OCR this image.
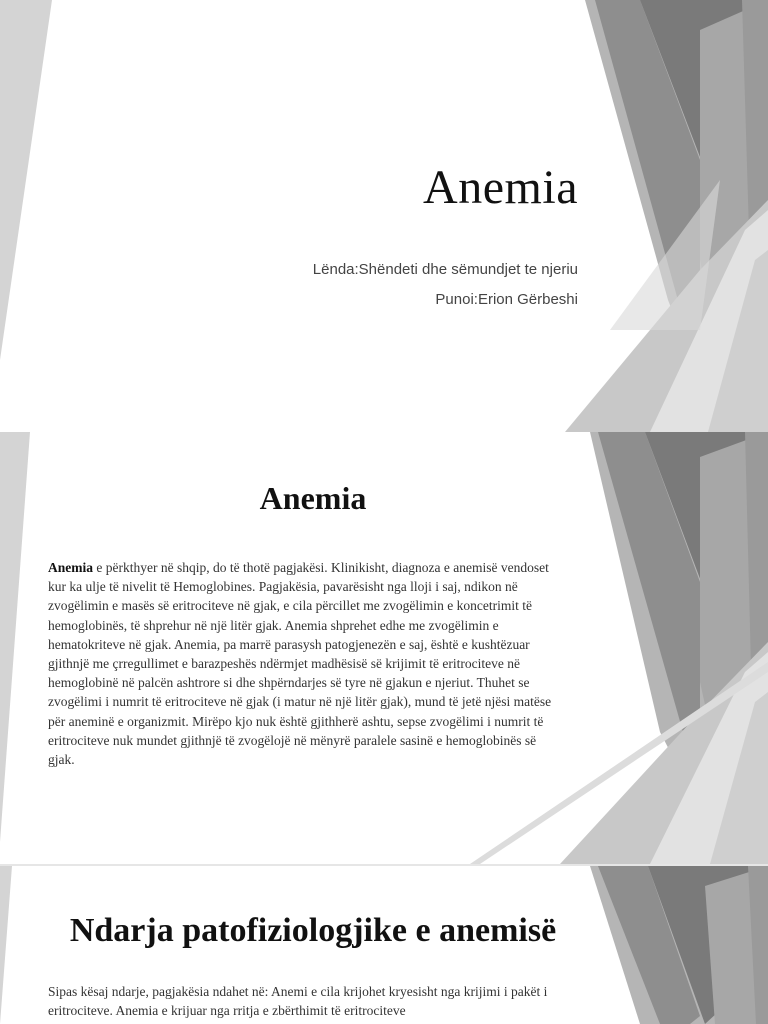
Anemia

Lënda:Shëndeti dhe sëmundjet te njeriu

Punoi:Erion Gërbeshi

Anemia

Anemia e përkthyer në shqip, do të thotë pagjakësi. Klinikisht, diagnoza e anemisë vendoset kur ka ulje të nivelit të Hemoglobines. Pagjakësia, pavarësisht nga lloji i saj, ndikon në zvogëlimin e masës së eritrociteve në gjak, e cila përcillet me zvogëlimin e koncetrimit të hemoglobinës, të shprehur në një litër gjak. Anemia shprehet edhe me zvogëlimin e hematokriteve në gjak. Anemia, pa marrë parasysh patogjenezën e saj, është e kushtëzuar gjithnjë me çrregullimet e barazpeshës ndërmjet madhësisë së krijimit të eritrociteve në hemoglobinë në palcën ashtrore si dhe shpërndarjes së tyre në gjakun e njeriut. Thuhet se zvogëlimi i numrit të eritrociteve në gjak (i matur në një litër gjak), mund të jetë njësi matëse për aneminë e organizmit. Mirëpo kjo nuk është gjithherë ashtu, sepse zvogëlimi i numrit të eritrociteve nuk mundet gjithnjë të zvogëlojë në mënyrë paralele sasinë e hemoglobinës së gjak.

Ndarja patofiziologjike e anemisë

Sipas kësaj ndarje, pagjakësia ndahet në: Anemi e cila krijohet kryesisht nga krijimi i pakët i eritrociteve. Anemia e krijuar nga rritja e zbërthimit të eritrociteve
